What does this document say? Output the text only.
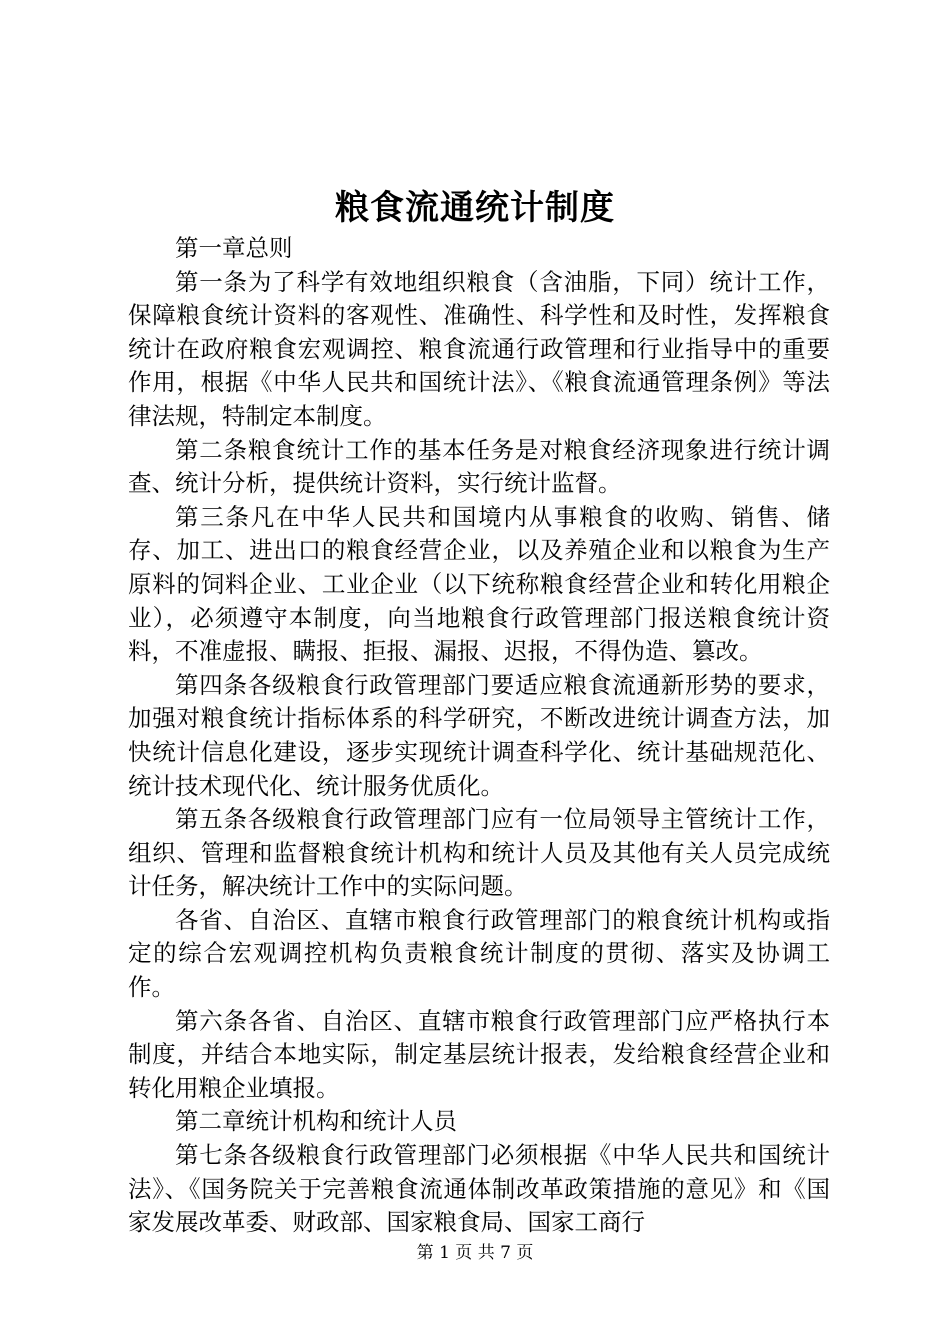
粮食流通统计制度

第一章总则

第一条为了科学有效地组织粮食（含油脂，下同）统计工作，保障粮食统计资料的客观性、准确性、科学性和及时性，发挥粮食统计在政府粮食宏观调控、粮食流通行政管理和行业指导中的重要作用，根据《中华人民共和国统计法》、《粮食流通管理条例》等法律法规，特制定本制度。

第二条粮食统计工作的基本任务是对粮食经济现象进行统计调查、统计分析，提供统计资料，实行统计监督。

第三条凡在中华人民共和国境内从事粮食的收购、销售、储存、加工、进出口的粮食经营企业，以及养殖企业和以粮食为生产原料的饲料企业、工业企业（以下统称粮食经营企业和转化用粮企业），必须遵守本制度，向当地粮食行政管理部门报送粮食统计资料，不准虚报、瞒报、拒报、漏报、迟报，不得伪造、篡改。

第四条各级粮食行政管理部门要适应粮食流通新形势的要求，加强对粮食统计指标体系的科学研究，不断改进统计调查方法，加快统计信息化建设，逐步实现统计调查科学化、统计基础规范化、统计技术现代化、统计服务优质化。

第五条各级粮食行政管理部门应有一位局领导主管统计工作，组织、管理和监督粮食统计机构和统计人员及其他有关人员完成统计任务，解决统计工作中的实际问题。

各省、自治区、直辖市粮食行政管理部门的粮食统计机构或指定的综合宏观调控机构负责粮食统计制度的贯彻、落实及协调工作。

第六条各省、自治区、直辖市粮食行政管理部门应严格执行本制度，并结合本地实际，制定基层统计报表，发给粮食经营企业和转化用粮企业填报。

第二章统计机构和统计人员

第七条各级粮食行政管理部门必须根据《中华人民共和国统计法》、《国务院关于完善粮食流通体制改革政策措施的意见》和《国家发展改革委、财政部、国家粮食局、国家工商行

第 1 页 共 7 页
